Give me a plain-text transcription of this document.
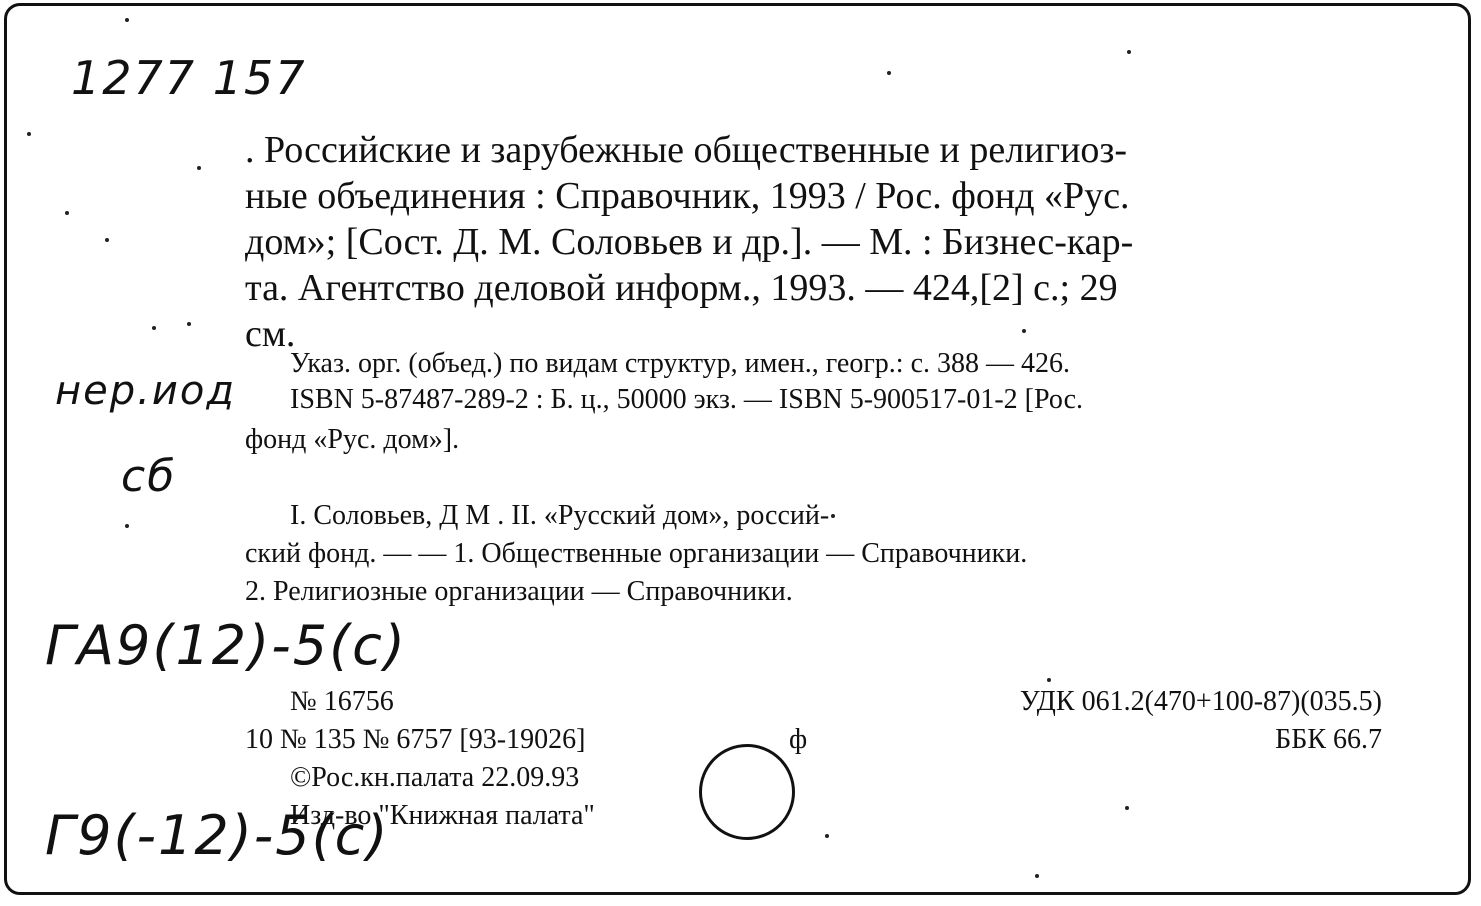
1277 157
нер.иод
сб
ГА9(12)-5(с)
Г9(-12)-5(с)
. Российские и зарубежные общественные и религиоз-
ные объединения : Справочник, 1993 / Рос. фонд «Рус.
дом»; [Сост. Д. М. Соловьев и др.]. — М. : Бизнес-кар-
та. Агентство деловой информ., 1993. — 424,[2] с.; 29
см.
Указ. орг. (объед.) по видам структур, имен., геогр.: с. 388 — 426.
ISBN 5-87487-289-2 : Б. ц., 50000 экз. — ISBN 5-900517-01-2 [Рос.
фонд «Рус. дом»].
I. Соловьев, Д М . II. «Русский дом», россий-
ский фонд. — — 1. Общественные организации — Справочники.
2. Религиозные организации — Справочники.
№ 16756
10 № 135 № 6757 [93-19026]	ф
©Рос.кн.палата 22.09.93
Изд-во "Книжная палата"
УДК 061.2(470+100-87)(035.5)
ББК 66.7
